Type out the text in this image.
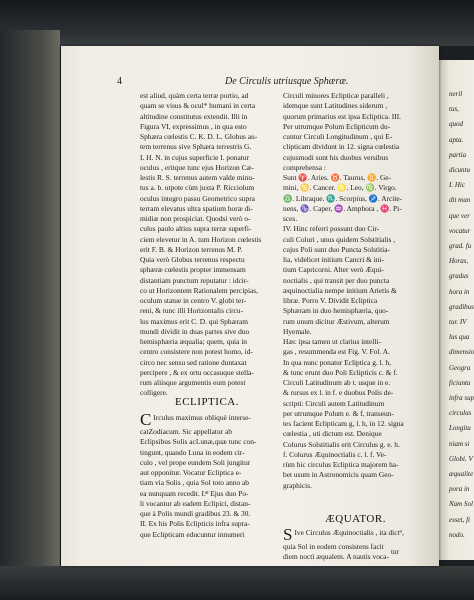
neril
tus,
quod
apta.
partia
dicuntu
I. Hic
dit mun
que ver
vocatur
grad. fu
Horas,
gradus
hora in
gradibus
tur. IV
lus qua
dimensio
Geogra
ficiuntu
infra sup
circulus
Longitu
niam si
Globi. V
æqualite
pora in
Nam Sol
esset, fi
nodo.
4	De Circulis utriusque Sphæræ.
est aliud, quàm certa terræ portio, ad
quam se visus & ocul* humani in certa
altitudine constitutus extendit. Illi in
Figura VI, expressimus , in qua esto
Sphæra cœlestis C. K. D. L. Globus au-
tem terrenus sive Sphæra terrestris G.
I. H. N. in cujus superficie I. ponatur
oculus , eritque tunc ejus Horizon Cæ-
lestis R. S. terrenus autem valde minu-
tus a. b. utpote cùm juxta P. Ricciolum
oculus integro passu Geometrico supra
terram elevatus ultra spatium horæ di-
midiæ non prospiciat. Quodsi verò o-
culus paulo altius supra terræ superfi-
ciem elevetur in A. tum Horizon cœlestis
erit F. B. & Horizon terrenus M. P.
Quia verò Globus terrenus respectu
sphæræ cœlestis propter immensam
distantiam punctum reputatur : idcir-
co ut Horizontem Rationalem percipias,
oculum statue in centro V. globi ter-
reni, & tunc illi Horizontalis circu-
lus maximus erit C. D. qui Sphæram
mundi dividit in duas partes sive duo
hemisphæria æqualia; quem, quia in
centro consistere non potest homo, id-
circo nec sensu sed ratione duntaxat
percipere , & ex ortu occasuque stella-
rum aliisque argumentis eum potest
colligere.
ECLIPTICA.
C Irculus maximus obliquè interse-
catZodiacum. Sic appellatur ab
Eclipsibus Solis acLunæ,quæ tunc con-
tingunt, quando Luna in eodem cir-
culo , vel prope eundem Soli jungitur
aut opponitur. Vocatur Ecliptica e-
tiam via Solis , quia Sol toto anno ab
ea nunquam recedit. I.ͦ⁹ Ejus duo Po-
li vocantur ab eadem Eclipici, distan-
que à Polis mundi gradibus 23. & 30.
II. Ex his Polis Eclipticis infra supra-
que Eclipticam educuntur innumeri
Circuli minores Eclipticæ paralleli ,
idemque sunt Latitudines siderum ,
quorum primarius est ipsa Ecliptica. III.
Per utrumque Polum Eclipticum du-
cuntur Circuli Longitudinum , qui E-
clipticam dividunt in 12. signa cœlestia
cujusmodi sunt his duobus versibus
comprehensa :
Sunt ♈. Aries. ♉. Taurus, ♊. Ge-
mini, ♋. Cancer. ♌. Leo, ♍. Virgo.
♎. Libraque. ♏. Scorpius, ♐. Arcite-
nens, ♑. Caper, ♒. Amphora , ♓. Pi-
sces.
IV. Hinc referri possunt duo Cir-
culi Coluri , unus quidem Solstitialis ,
cujus Poli sunt duo Puncta Solstitia-
lia, videlicet initium Cancri & ini-
tium Capricorni. Alter verò Æqui-
noctialis , qui transit per duo puncta
æquinoctialia nempe initium Arietis &
libræ. Porro V. Dividit Ecliptica
Sphæram in duo hemisphæria, quo-
rum unum dicitur Æstivum, alterum
Hyemale.
Hæc ipsa tamen ut clarius intelli-
gas , resummenda est Fig. V. Fol. A.
In qua nunc ponatur Ecliptica g. l. h,
& tunc erunt duo Poli Eclipticis c. & f.
Circuli Latitudinum ab t. usque in e.
& rursus ex l. in f. e duobus Polis de-
scripti: Circuli autem Latitudinum
per utrumque Polum e. & f, transeun-
tes facient Eclipticam g, l. h, in 12. signa
cœlestia , uti dictum est. Denique
Colurus Solstitialis erit Circulus g. e. h.
f. Colurus Æquinoctialis c. l. f. Ve-
rùm hic circulus Ecliptica majorem ha-
bet usum in Astronomicis quam Geo-
graphicis.
ÆQUATOR.
S Ive Circulus Æquinoctialis , ita dict⁹,
quia Sol in eodem consistens facit
diem noctì æqualem. A nautis voca-
tur
